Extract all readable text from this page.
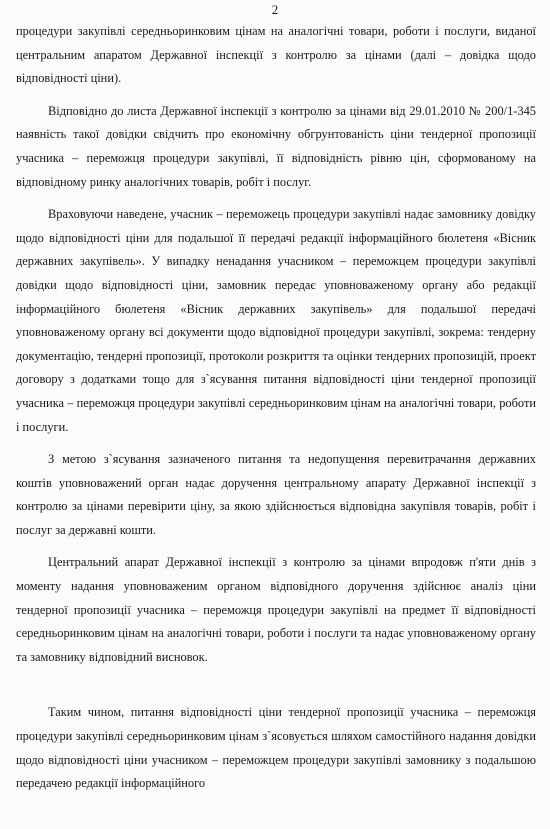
2

процедури закупівлі середньоринковим цінам на аналогічні товари, роботи і послуги, виданої центральним апаратом Державної інспекції з контролю за цінами (далі – довідка щодо відповідності ціни).

Відповідно до листа Державної інспекції з контролю за цінами від 29.01.2010 № 200/1-345 наявність такої довідки свідчить про економічну обгрунтованість ціни тендерної пропозиції учасника – переможця процедури закупівлі, її відповідність рівню цін, сформованому на відповідному ринку аналогічних товарів, робіт і послуг.

Враховуючи наведене, учасник – переможець процедури закупівлі надає замовнику довідку щодо відповідності ціни для подальшої її передачі редакції інформаційного бюлетеня «Вісник державних закупівель». У випадку ненадання учасником – переможцем процедури закупівлі довідки щодо відповідності ціни, замовник передає уповноваженому органу або редакції інформаційного бюлетеня «Вісник державних закупівель» для подальшої передачі уповноваженому органу всі документи щодо відповідної процедури закупівлі, зокрема: тендерну документацію, тендерні пропозиції, протоколи розкриття та оцінки тендерних пропозицій, проект договору з додатками тощо для з`ясування питання відповідності ціни тендерної пропозиції учасника – переможця процедури закупівлі середньоринковим цінам на аналогічні товари, роботи і послуги.

З метою з`ясування зазначеного питання та недопущення перевитрачання державних коштів уповноважений орган надає доручення центральному апарату Державної інспекції з контролю за цінами перевірити ціну, за якою здійснюється відповідна закупівля товарів, робіт і послуг за державні кошти.

Центральний апарат Державної інспекції з контролю за цінами впродовж п'яти днів з моменту надання уповноваженим органом відповідного доручення здійснює аналіз ціни тендерної пропозиції учасника – переможця процедури закупівлі на предмет її відповідності середньоринковим цінам на аналогічні товари, роботи і послуги та надає уповноваженому органу та замовнику відповідний висновок.

Таким чином, питання відповідності ціни тендерної пропозиції учасника – переможця процедури закупівлі середньоринковим цінам з`ясовується шляхом самостійного надання довідки щодо відповідності ціни учасником – переможцем процедури закупівлі замовнику з подальшою передачею редакції інформаційного
